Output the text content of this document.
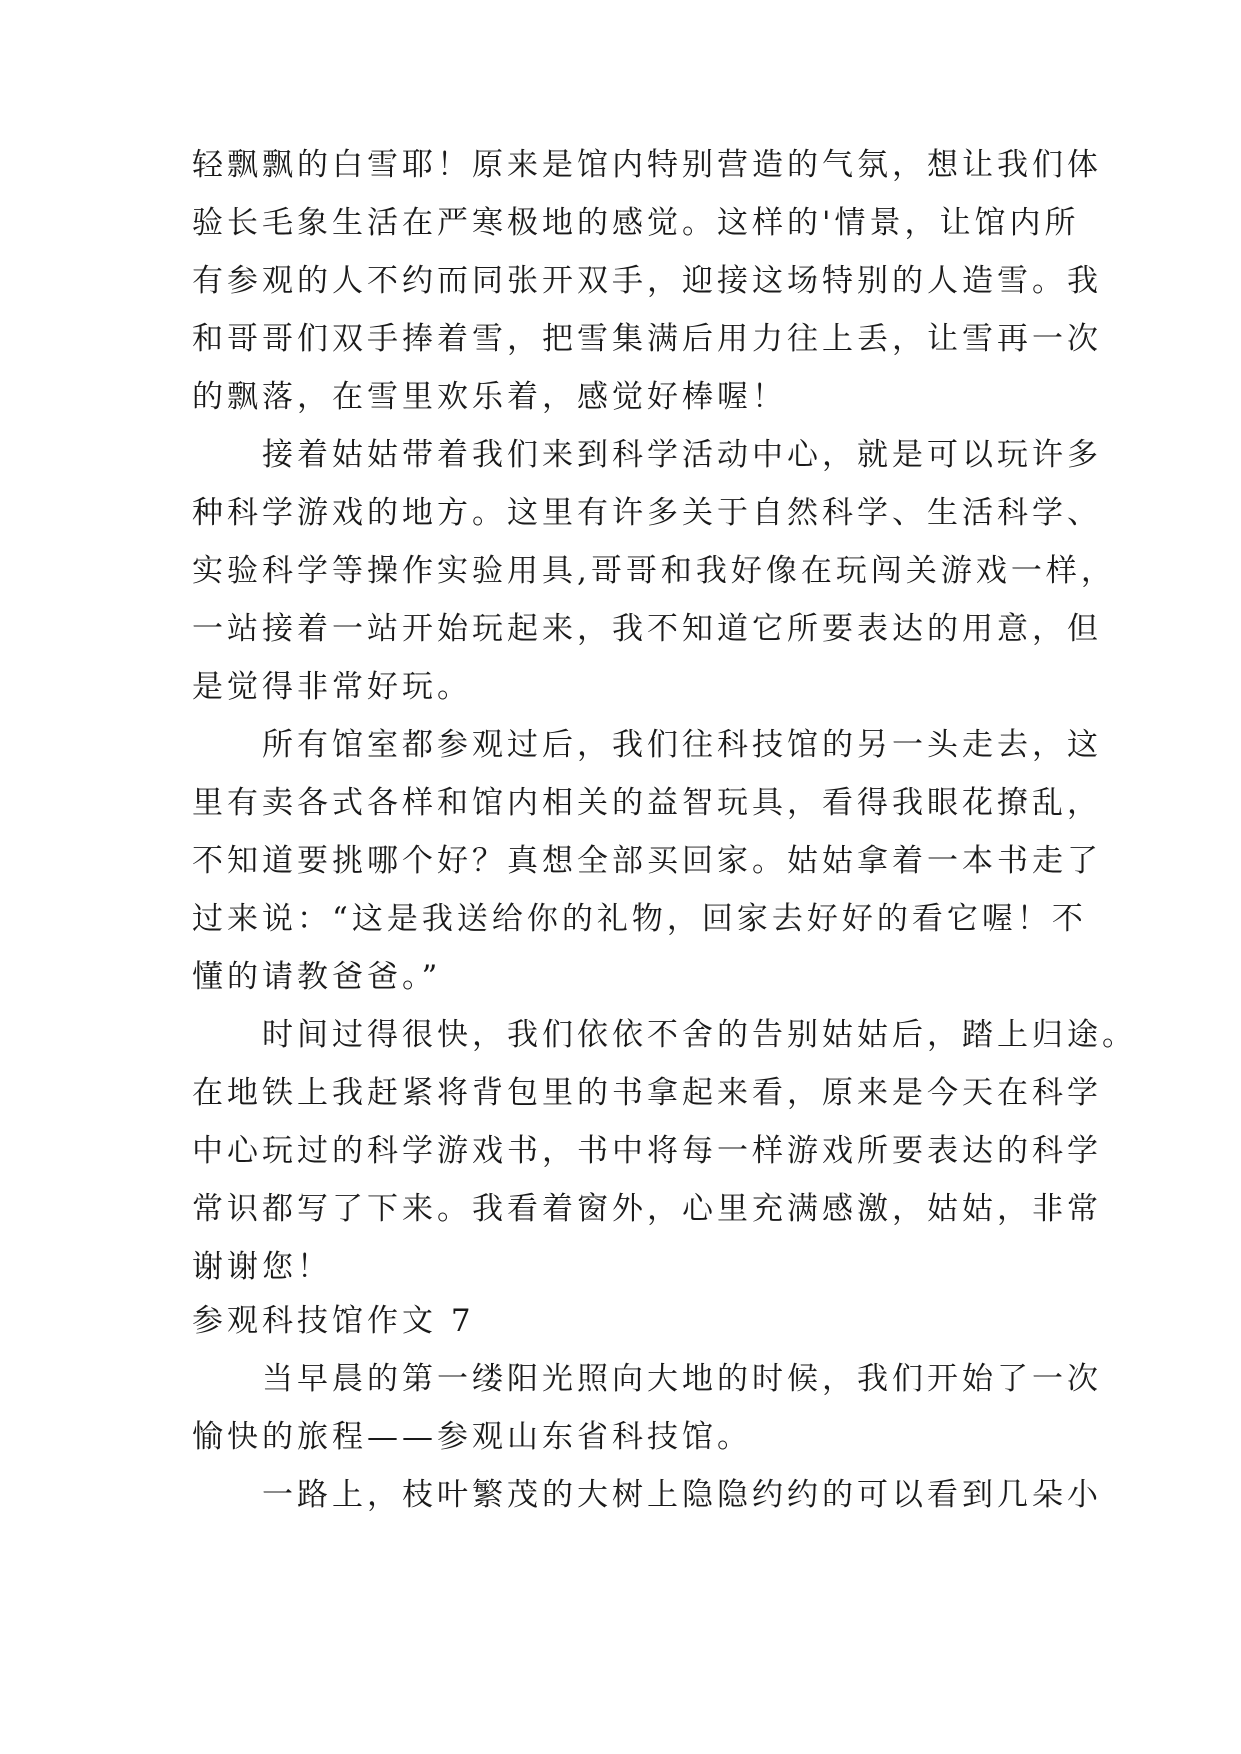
轻飘飘的白雪耶！原来是馆内特别营造的气氛，想让我们体
验长毛象生活在严寒极地的感觉。这样的'情景，让馆内所
有参观的人不约而同张开双手，迎接这场特别的人造雪。我
和哥哥们双手捧着雪，把雪集满后用力往上丢，让雪再一次
的飘落，在雪里欢乐着，感觉好棒喔！
　　接着姑姑带着我们来到科学活动中心，就是可以玩许多
种科学游戏的地方。这里有许多关于自然科学、生活科学、
实验科学等操作实验用具,哥哥和我好像在玩闯关游戏一样，
一站接着一站开始玩起来，我不知道它所要表达的用意，但
是觉得非常好玩。
　　所有馆室都参观过后，我们往科技馆的另一头走去，这
里有卖各式各样和馆内相关的益智玩具，看得我眼花撩乱，
不知道要挑哪个好？真想全部买回家。姑姑拿着一本书走了
过来说：“这是我送给你的礼物，回家去好好的看它喔！不
懂的请教爸爸。”
　　时间过得很快，我们依依不舍的告别姑姑后，踏上归途。
在地铁上我赶紧将背包里的书拿起来看，原来是今天在科学
中心玩过的科学游戏书，书中将每一样游戏所要表达的科学
常识都写了下来。我看着窗外，心里充满感激，姑姑，非常
谢谢您！
参观科技馆作文 7
　　当早晨的第一缕阳光照向大地的时候，我们开始了一次
愉快的旅程——参观山东省科技馆。
　　一路上，枝叶繁茂的大树上隐隐约约的可以看到几朵小
